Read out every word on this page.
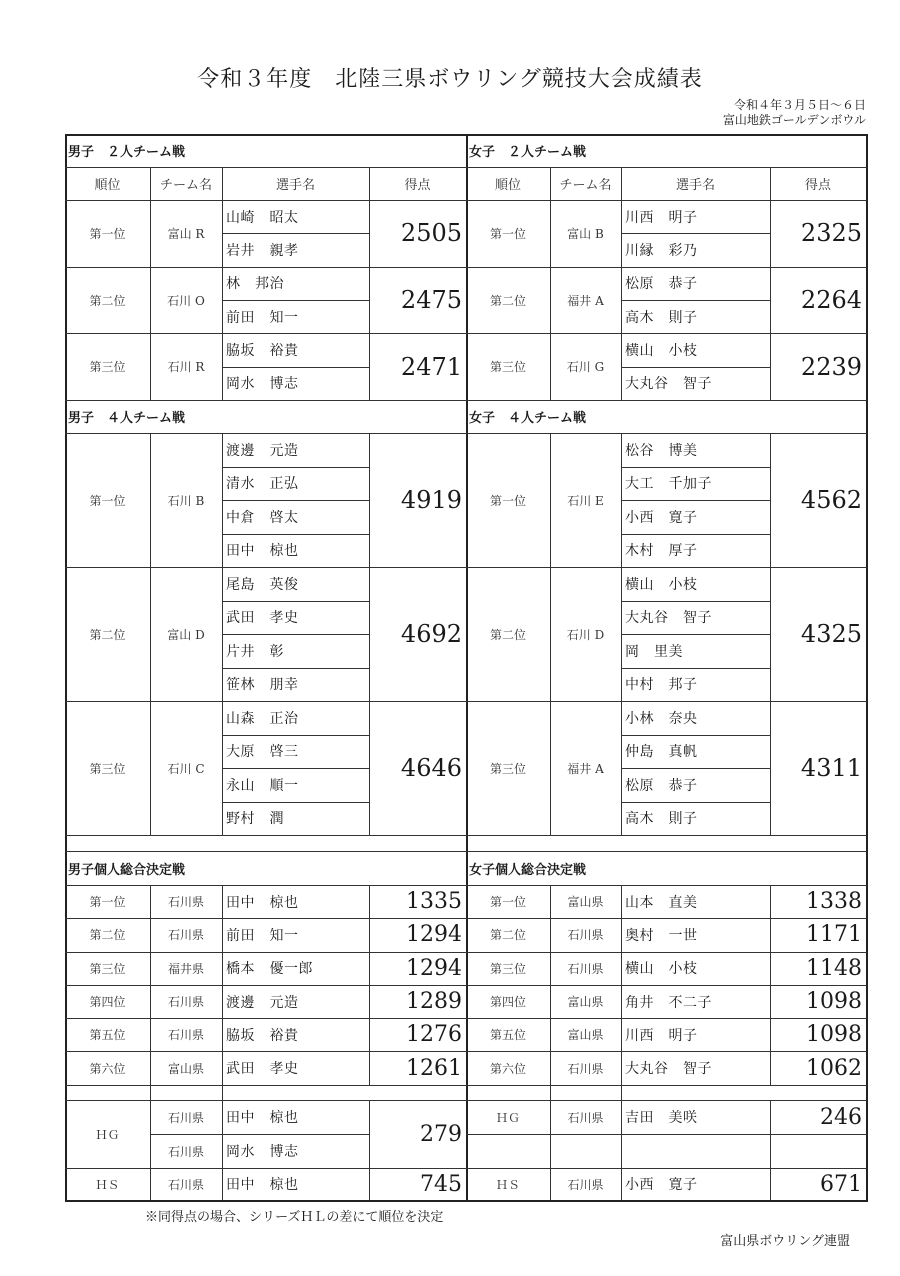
令和３年度　北陸三県ボウリング競技大会成績表
令和４年３月５日～６日
富山地鉄ゴールデンボウル
男子　２人チーム戦
順位	チーム名	選手名	得点
第一位	富山 R
山崎　昭太
岩井　親孝
2505
第二位	石川 O
林　邦治
前田　知一
2475
第三位	石川 R
脇坂　裕貴
岡水　博志
2471
男子　４人チーム戦
第一位	石川 B
渡邊　元造
清水　正弘
中倉　啓太
田中　椋也
4919
第二位	富山 D
尾島　英俊
武田　孝史
片井　彰
笹林　朋幸
4692
第三位	石川 C
山森　正治
大原　啓三
永山　順一
野村　潤
4646
男子個人総合決定戦
第一位	石川県	田中　椋也	1335
第二位	石川県	前田　知一	1294
第三位	福井県	橋本　優一郎	1294
第四位	石川県	渡邊　元造	1289
第五位	石川県	脇坂　裕貴	1276
第六位	富山県	武田　孝史	1261
ＨＧ
石川県	田中　椋也
石川県	岡水　博志
279
ＨＳ	石川県	田中　椋也	745
女子　２人チーム戦
順位	チーム名	選手名	得点
第一位	富山 B
川西　明子
川縁　彩乃
2325
第二位	福井 A
松原　恭子
高木　則子
2264
第三位	石川 G
横山　小枝
大丸谷　智子
2239
女子　４人チーム戦
第一位	石川 E
松谷　博美
大工　千加子
小西　寛子
木村　厚子
4562
第二位	石川 D
横山　小枝
大丸谷　智子
岡　里美
中村　邦子
4325
第三位	福井 A
小林　奈央
仲島　真帆
松原　恭子
高木　則子
4311
女子個人総合決定戦
第一位	富山県	山本　直美	1338
第二位	石川県	奥村　一世	1171
第三位	石川県	横山　小枝	1148
第四位	富山県	角井　不二子	1098
第五位	富山県	川西　明子	1098
第六位	石川県	大丸谷　智子	1062
ＨＧ	石川県	吉田　美咲	246
ＨＳ	石川県	小西　寛子	671
※同得点の場合、シリーズＨＬの差にて順位を決定
富山県ボウリング連盟
